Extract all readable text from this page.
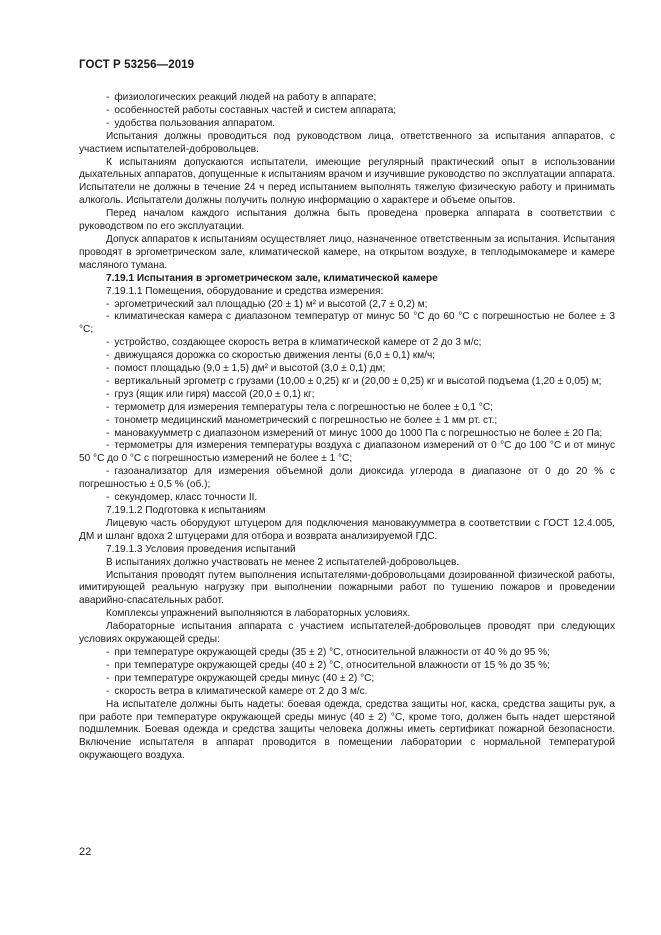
ГОСТ Р 53256—2019

- физиологических реакций людей на работу в аппарате;

- особенностей работы составных частей и систем аппарата;

- удобства пользования аппаратом.

Испытания должны проводиться под руководством лица, ответственного за испытания аппаратов, с участием испытателей-добровольцев.

К испытаниям допускаются испытатели, имеющие регулярный практический опыт в использовании дыхательных аппаратов, допущенные к испытаниям врачом и изучившие руководство по эксплуатации аппарата. Испытатели не должны в течение 24 ч перед испытанием выполнять тяжелую физическую работу и принимать алкоголь. Испытатели должны получить полную информацию о характере и объеме опытов.

Перед началом каждого испытания должна быть проведена проверка аппарата в соответствии с руководством по его эксплуатации.

Допуск аппаратов к испытаниям осуществляет лицо, назначенное ответственным за испытания. Испытания проводят в эргометрическом зале, климатической камере, на открытом воздухе, в теплодымокамере и камере масляного тумана.

7.19.1 Испытания в эргометрическом зале, климатической камере

7.19.1.1 Помещения, оборудование и средства измерения:

- эргометрический зал площадью (20 ± 1) м² и высотой (2,7 ± 0,2) м;

- климатическая камера с диапазоном температур от минус 50 °С до 60 °С с погрешностью не более ± 3 °С;

- устройство, создающее скорость ветра в климатической камере от 2 до 3 м/с;

- движущаяся дорожка со скоростью движения ленты (6,0 ± 0,1) км/ч;

- помост площадью (9,0 ± 1,5) дм² и высотой (3,0 ± 0,1) дм;

- вертикальный эргометр с грузами (10,00 ± 0,25) кг и (20,00 ± 0,25) кг и высотой подъема (1,20 ± 0,05) м;

- груз (ящик или гиря) массой (20,0 ± 0,1) кг;

- термометр для измерения температуры тела с погрешностью не более ± 0,1 °С;

- тонометр медицинский манометрический с погрешностью не более ± 1 мм рт. ст.;

- мановакуумметр с диапазоном измерений от минус 1000 до 1000 Па с погрешностью не более ± 20 Па;

- термометры для измерения температуры воздуха с диапазоном измерений от 0 °С до 100 °С и от минус 50 °С до 0 °С с погрешностью измерений не более ± 1 °С;

- газоанализатор для измерения объемной доли диоксида углерода в диапазоне от 0 до 20 % с погрешностью ± 0,5 % (об.);

- секундомер, класс точности II.

7.19.1.2 Подготовка к испытаниям

Лицевую часть оборудуют штуцером для подключения мановакуумметра в соответствии с ГОСТ 12.4.005, ДМ и шланг вдоха 2 штуцерами для отбора и возврата анализируемой ГДС.

7.19.1.3 Условия проведения испытаний

В испытаниях должно участвовать не менее 2 испытателей-добровольцев.

Испытания проводят путем выполнения испытателями-добровольцами дозированной физической работы, имитирующей реальную нагрузку при выполнении пожарными работ по тушению пожаров и проведении аварийно-спасательных работ.

Комплексы упражнений выполняются в лабораторных условиях.

Лабораторные испытания аппарата с участием испытателей-добровольцев проводят при следующих условиях окружающей среды:

- при температуре окружающей среды (35 ± 2) °С, относительной влажности от 40 % до 95 %;

- при температуре окружающей среды (40 ± 2) °С, относительной влажности от 15 % до 35 %;

- при температуре окружающей среды минус (40 ± 2) °С;

- скорость ветра в климатической камере от 2 до 3 м/с.

На испытателе должны быть надеты: боевая одежда, средства защиты ног, каска, средства защиты рук, а при работе при температуре окружающей среды минус (40 ± 2) °С, кроме того, должен быть надет шерстяной подшлемник. Боевая одежда и средства защиты человека должны иметь сертификат пожарной безопасности. Включение испытателя в аппарат проводится в помещении лаборатории с нормальной температурой окружающего воздуха.

22
